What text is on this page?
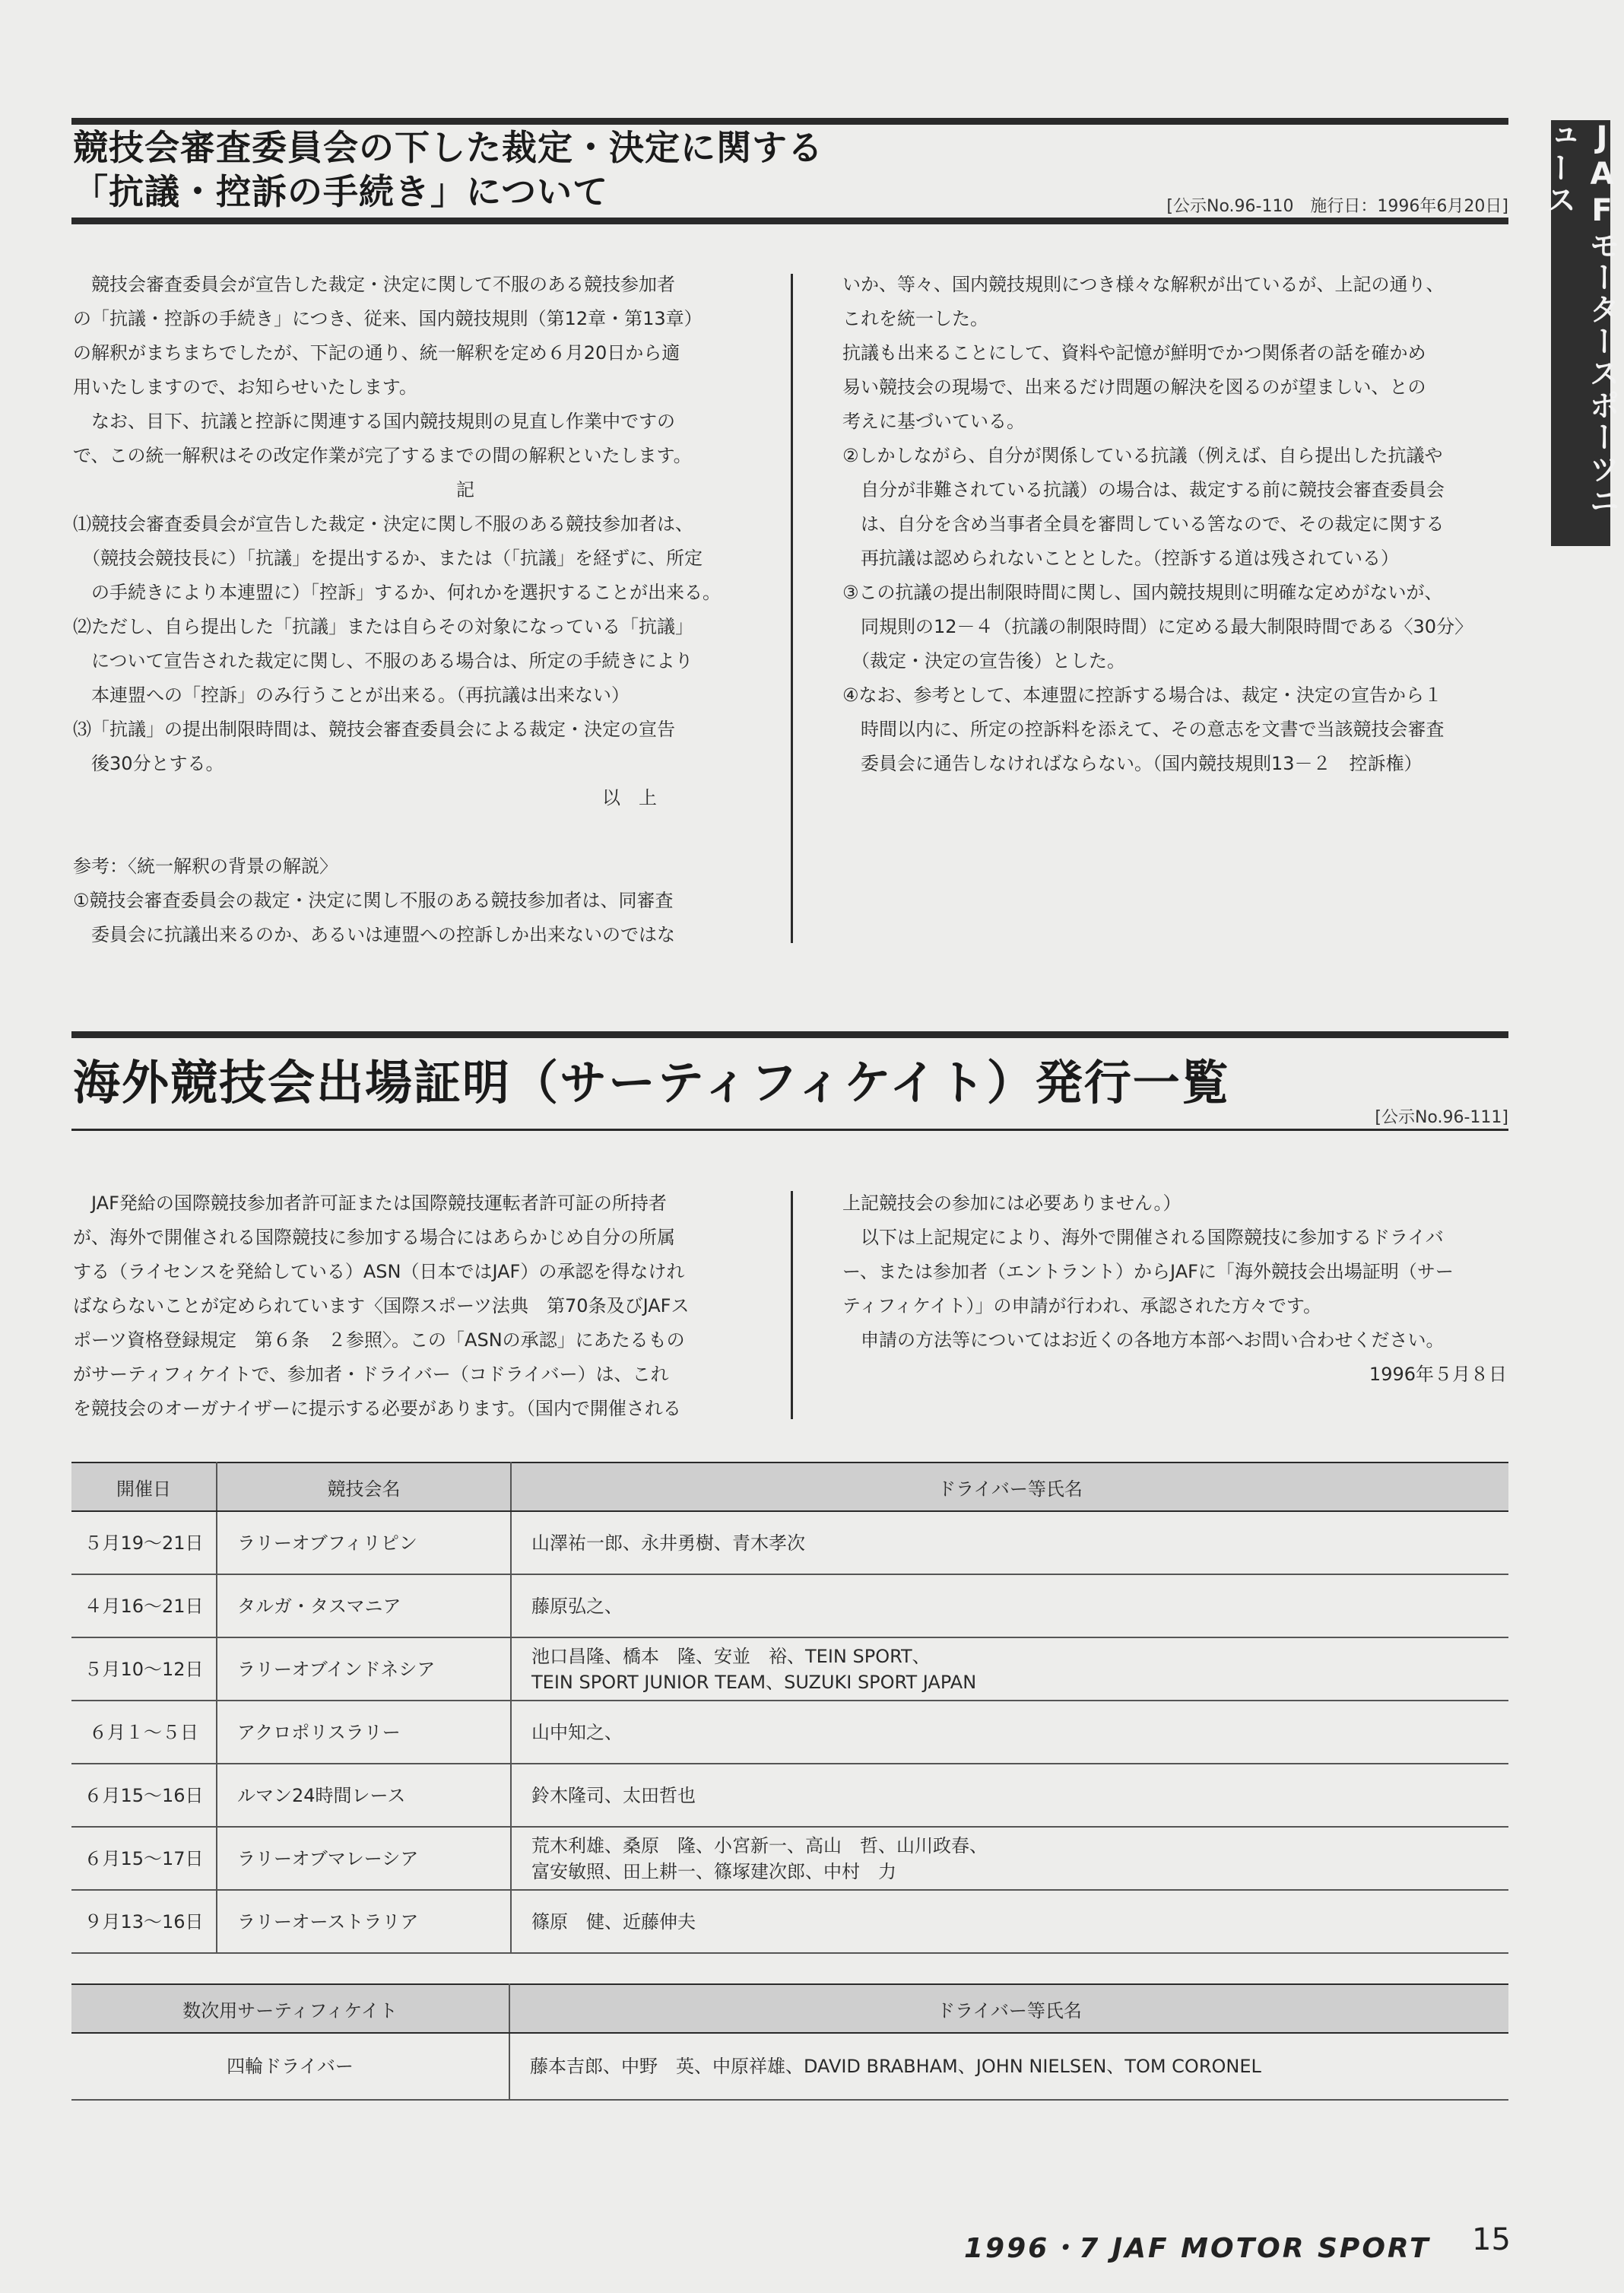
JAFモータースポーツニュース
競技会審査委員会の下した裁定・決定に関する
「抗議・控訴の手続き」について	[公示No.96-110　施行日：1996年6月20日]

　競技会審査委員会が宣告した裁定・決定に関して不服のある競技参加者

の「抗議・控訴の手続き」につき、従来、国内競技規則（第12章・第13章）

の解釈がまちまちでしたが、下記の通り、統一解釈を定め６月20日から適

用いたしますので、お知らせいたします。

　なお、目下、抗議と控訴に関連する国内競技規則の見直し作業中ですの

で、この統一解釈はその改定作業が完了するまでの間の解釈といたします。

　　　　　　　　　　　　　　　　　　　　　記

⑴競技会審査委員会が宣告した裁定・決定に関し不服のある競技参加者は、

　（競技会競技長に）「抗議」を提出するか、または（「抗議」を経ずに、所定

　の手続きにより本連盟に）「控訴」するか、何れかを選択することが出来る。

⑵ただし、自ら提出した「抗議」または自らその対象になっている「抗議」

　について宣告された裁定に関し、不服のある場合は、所定の手続きにより

　本連盟への「控訴」のみ行うことが出来る。（再抗議は出来ない）

⑶「抗議」の提出制限時間は、競技会審査委員会による裁定・決定の宣告

　後30分とする。

　　　　　　　　　　　　　　　　　　　　　　　　　　　　　以　上

参考：〈統一解釈の背景の解説〉

①競技会審査委員会の裁定・決定に関し不服のある競技参加者は、同審査

　委員会に抗議出来るのか、あるいは連盟への控訴しか出来ないのではな

いか、等々、国内競技規則につき様々な解釈が出ているが、上記の通り、

これを統一した。

抗議も出来ることにして、資料や記憶が鮮明でかつ関係者の話を確かめ

易い競技会の現場で、出来るだけ問題の解決を図るのが望ましい、との

考えに基づいている。

②しかしながら、自分が関係している抗議（例えば、自ら提出した抗議や

　自分が非難されている抗議）の場合は、裁定する前に競技会審査委員会

　は、自分を含め当事者全員を審問している筈なので、その裁定に関する

　再抗議は認められないこととした。（控訴する道は残されている）

③この抗議の提出制限時間に関し、国内競技規則に明確な定めがないが、

　同規則の12－４（抗議の制限時間）に定める最大制限時間である〈30分〉

　（裁定・決定の宣告後）とした。

④なお、参考として、本連盟に控訴する場合は、裁定・決定の宣告から１

　時間以内に、所定の控訴料を添えて、その意志を文書で当該競技会審査

　委員会に通告しなければならない。（国内競技規則13－２　控訴権）

海外競技会出場証明（サーティフィケイト）発行一覧
[公示No.96-111]

　JAF発給の国際競技参加者許可証または国際競技運転者許可証の所持者

が、海外で開催される国際競技に参加する場合にはあらかじめ自分の所属

する（ライセンスを発給している）ASN（日本ではJAF）の承認を得なけれ

ばならないことが定められています〈国際スポーツ法典　第70条及びJAFス

ポーツ資格登録規定　第６条　２参照〉。この「ASNの承認」にあたるもの

がサーティフィケイトで、参加者・ドライバー（コドライバー）は、これ

を競技会のオーガナイザーに提示する必要があります。（国内で開催される

上記競技会の参加には必要ありません。）

　以下は上記規定により、海外で開催される国際競技に参加するドライバ

ー、または参加者（エントラント）からJAFに「海外競技会出場証明（サー

ティフィケイト）」の申請が行われ、承認された方々です。

　申請の方法等についてはお近くの各地方本部へお問い合わせください。

1996年５月８日

開催日	競技会名	ドライバー等氏名
５月19～21日	ラリーオブフィリピン	山澤祐一郎、永井勇樹、青木孝次

４月16～21日	タルガ・タスマニア	藤原弘之、

５月10～12日	ラリーオブインドネシア	池口昌隆、橋本　隆、安並　裕、TEIN SPORT、
TEIN SPORT JUNIOR TEAM、SUZUKI SPORT JAPAN

６月１～５日	アクロポリスラリー	山中知之、

６月15～16日	ルマン24時間レース	鈴木隆司、太田哲也

６月15～17日	ラリーオブマレーシア	荒木利雄、桑原　隆、小宮新一、高山　哲、山川政春、
富安敏照、田上耕一、篠塚建次郎、中村　力

９月13～16日	ラリーオーストラリア	篠原　健、近藤伸夫
数次用サーティフィケイト	ドライバー等氏名
四輪ドライバー	藤本吉郎、中野　英、中原祥雄、DAVID BRABHAM、JOHN NIELSEN、TOM CORONEL
1996・7 JAF MOTOR SPORT 15
